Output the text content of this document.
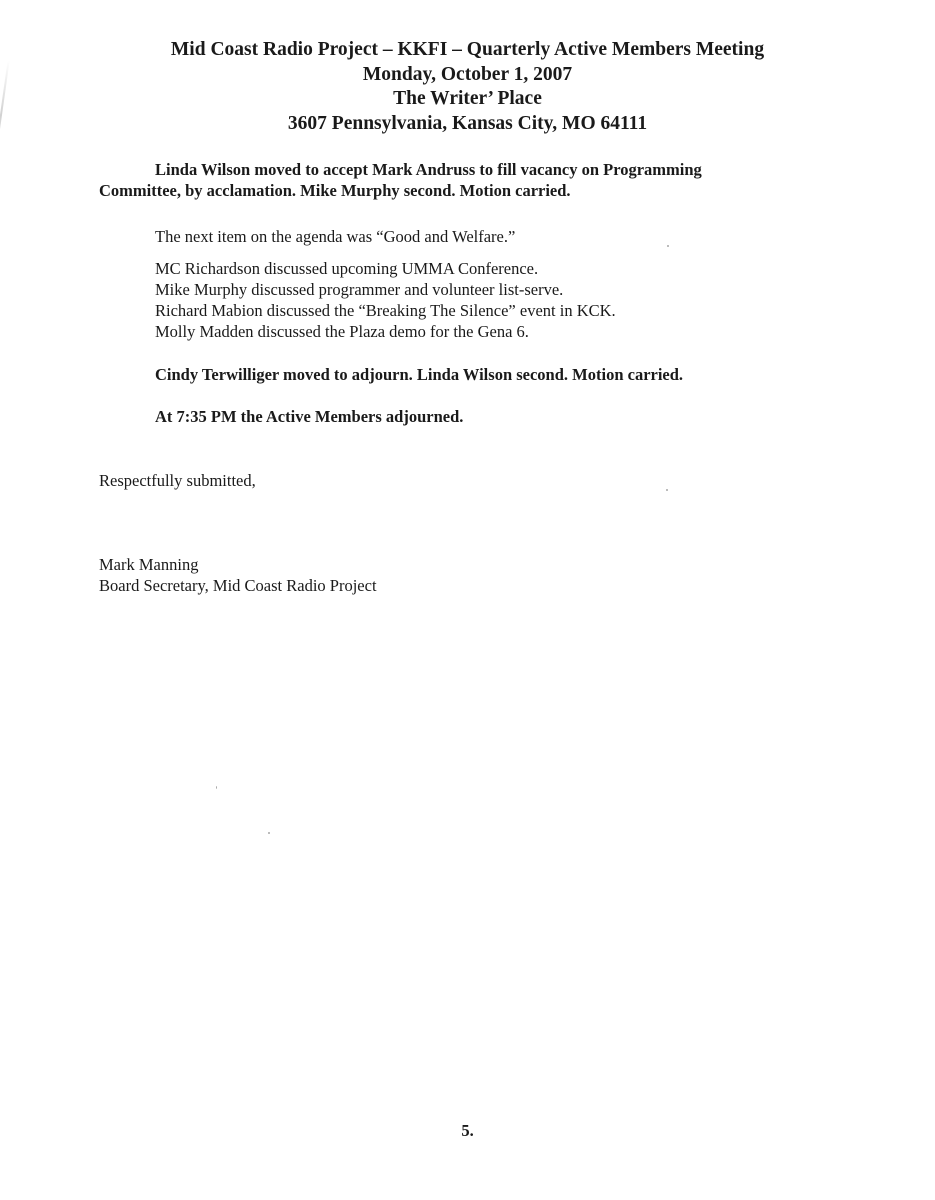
Mid Coast Radio Project – KKFI – Quarterly Active Members Meeting
Monday, October 1, 2007
The Writer’ Place
3607 Pennsylvania, Kansas City, MO 64111
Linda Wilson moved to accept Mark Andruss to fill vacancy on Programming
Committee, by acclamation. Mike Murphy second. Motion carried.
The next item on the agenda was “Good and Welfare.”
MC Richardson discussed upcoming UMMA Conference.
Mike Murphy discussed programmer and volunteer list-serve.
Richard Mabion discussed the “Breaking The Silence” event in KCK.
Molly Madden discussed the Plaza demo for the Gena 6.
Cindy Terwilliger moved to adjourn. Linda Wilson second. Motion carried.
At 7:35 PM the Active Members adjourned.
Respectfully submitted,
Mark Manning
Board Secretary, Mid Coast Radio Project
5.
